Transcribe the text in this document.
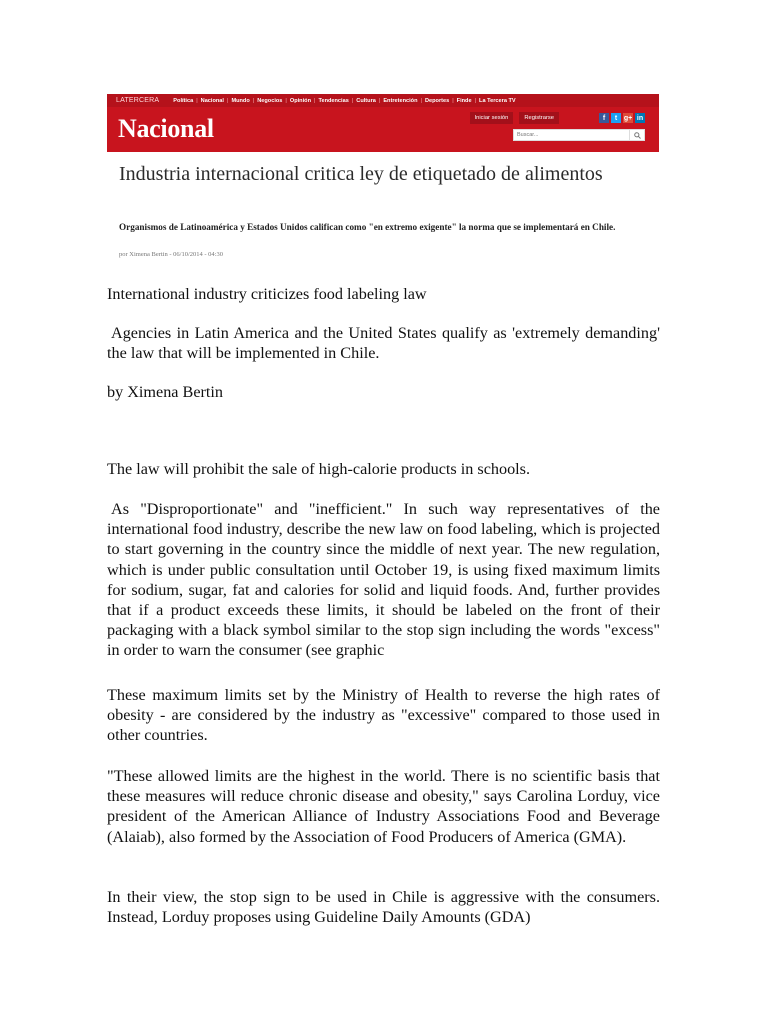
LATERCERA	Política | Nacional | Mundo | Negocios | Opinión | Tendencias | Cultura | Entretención | Deportes | Finde | La Tercera TV
Nacional	Iniciar sesión	Registrarse	f	t g+ in
Buscar...
Industria internacional critica ley de etiquetado de alimentos
Organismos de Latinoamérica y Estados Unidos califican como "en extremo exigente" la norma que se implementará en Chile.
por Ximena Bertin - 06/10/2014 - 04:30
International industry criticizes food labeling law
Agencies in Latin America and the United States qualify as 'extremely demanding' the law that will be implemented in Chile.
by Ximena Bertin
The law will prohibit the sale of high-calorie products in schools.
As "Disproportionate" and "inefficient." In such way representatives of the international food industry, describe the new law on food labeling, which is projected to start governing in the country since the middle of next year. The new regulation, which is under public consultation until October 19, is using fixed maximum limits for sodium, sugar, fat and calories for solid and liquid foods. And, further provides that if a product exceeds these limits, it should be labeled on the front of their packaging with a black symbol similar to the stop sign including the words "excess" in order to warn the consumer (see graphic
These maximum limits set by the Ministry of Health to reverse the high rates of obesity - are considered by the industry as "excessive" compared to those used in other countries.
"These allowed limits are the highest in the world. There is no scientific basis that these measures will reduce chronic disease and obesity," says Carolina Lorduy, vice president of the American Alliance of Industry Associations Food and Beverage (Alaiab), also formed by the Association of Food Producers of America (GMA).
In their view, the stop sign to be used in Chile is aggressive with the consumers. Instead, Lorduy proposes using Guideline Daily Amounts (GDA)
